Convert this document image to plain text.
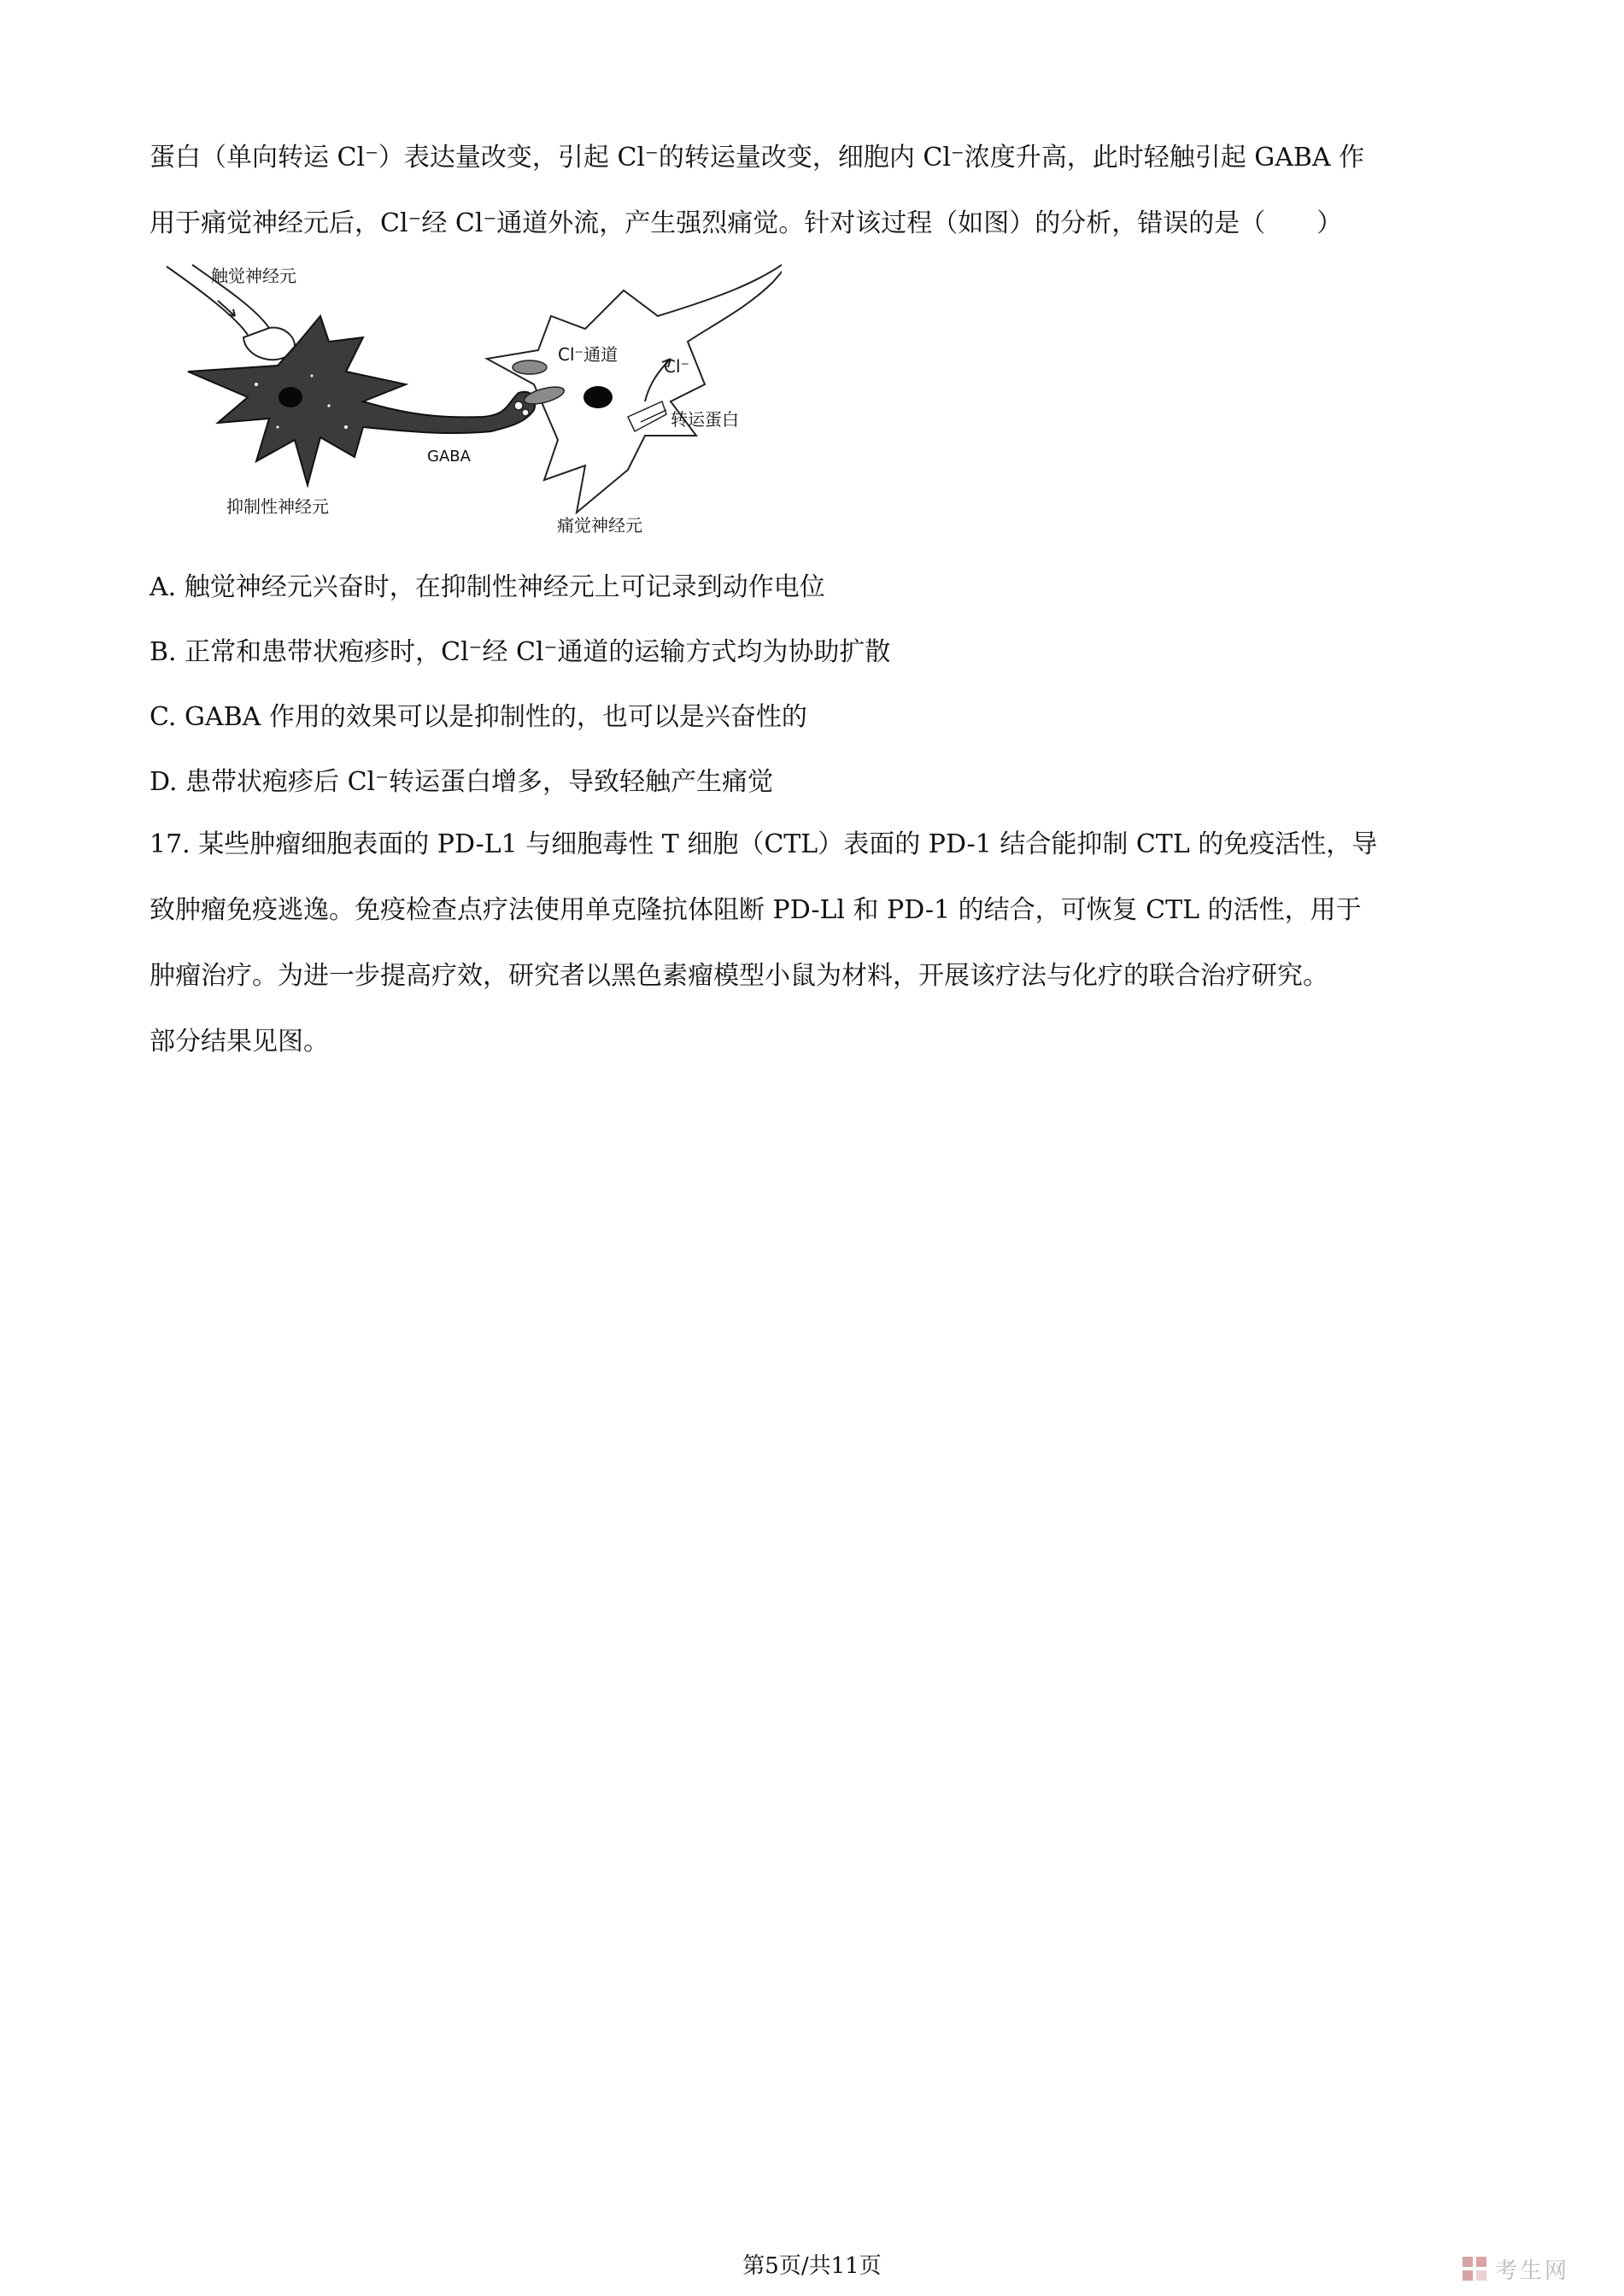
蛋白（单向转运 Cl⁻）表达量改变，引起 Cl⁻的转运量改变，细胞内 Cl⁻浓度升高，此时轻触引起 GABA 作
用于痛觉神经元后，Cl⁻经 Cl⁻通道外流，产生强烈痛觉。针对该过程（如图）的分析，错误的是（　　）
触觉神经元
Cl⁻通道
Cl⁻
转运蛋白
GABA
抑制性神经元
痛觉神经元
A. 触觉神经元兴奋时，在抑制性神经元上可记录到动作电位
B. 正常和患带状疱疹时，Cl⁻经 Cl⁻通道的运输方式均为协助扩散
C. GABA 作用的效果可以是抑制性的，也可以是兴奋性的
D. 患带状疱疹后 Cl⁻转运蛋白增多，导致轻触产生痛觉
17. 某些肿瘤细胞表面的 PD-L1 与细胞毒性 T 细胞（CTL）表面的 PD-1 结合能抑制 CTL 的免疫活性，导
致肿瘤免疫逃逸。免疫检查点疗法使用单克隆抗体阻断 PD-Ll 和 PD-1 的结合，可恢复 CTL 的活性，用于
肿瘤治疗。为进一步提高疗效，研究者以黑色素瘤模型小鼠为材料，开展该疗法与化疗的联合治疗研究。
部分结果见图。
第5页/共11页	考生网
